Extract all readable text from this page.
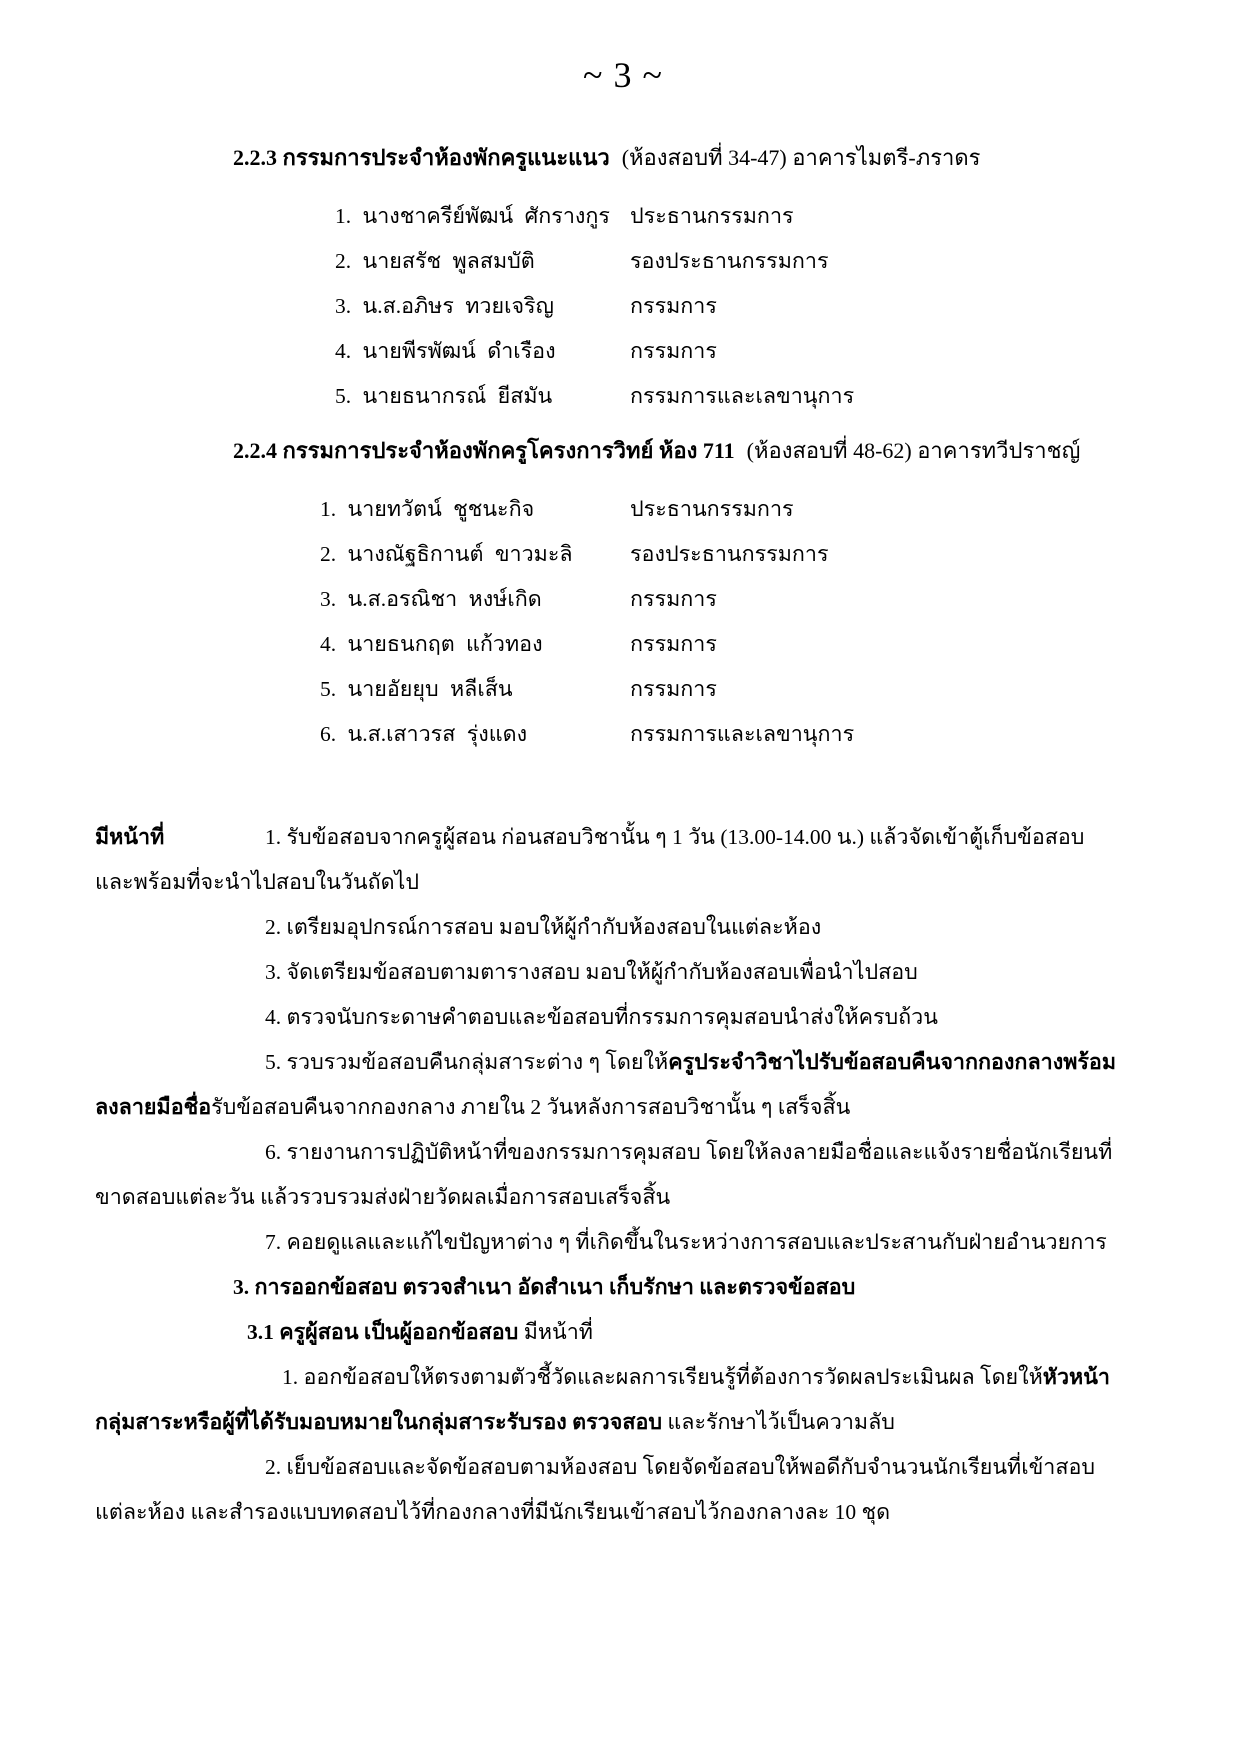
~ 3 ~

2.2.3 กรรมการประจำห้องพักครูแนะแนว (ห้องสอบที่ 34-47) อาคารไมตรี-ภราดร

1. นางชาครีย์พัฒน์ ศักรางกูร ประธานกรรมการ
2. นายสรัช พูลสมบัติ	รองประธานกรรมการ
3. น.ส.อภิษร ทวยเจริญ	กรรมการ
4. นายพีรพัฒน์ ดำเรือง	กรรมการ
5. นายธนากรณ์ ยีสมัน	กรรมการและเลขานุการ

2.2.4 กรรมการประจำห้องพักครูโครงการวิทย์ ห้อง 711 (ห้องสอบที่ 48-62) อาคารทวีปราชญ์

1. นายทวัตน์ ชูชนะกิจ	ประธานกรรมการ
2. นางณัฐธิกานต์ ขาวมะลิ	รองประธานกรรมการ
3. น.ส.อรณิชา หงษ์เกิด	กรรมการ
4. นายธนกฤต แก้วทอง	กรรมการ
5. นายอัยยุบ หลีเส็น	กรรมการ
6. น.ส.เสาวรส รุ่งแดง	กรรมการและเลขานุการ

มีหน้าที่	1. รับข้อสอบจากครูผู้สอน ก่อนสอบวิชานั้น ๆ 1 วัน (13.00-14.00 น.) แล้วจัดเข้าตู้เก็บข้อสอบ

และพร้อมที่จะนำไปสอบในวันถัดไป

2. เตรียมอุปกรณ์การสอบ มอบให้ผู้กำกับห้องสอบในแต่ละห้อง

3. จัดเตรียมข้อสอบตามตารางสอบ มอบให้ผู้กำกับห้องสอบเพื่อนำไปสอบ

4. ตรวจนับกระดาษคำตอบและข้อสอบที่กรรมการคุมสอบนำส่งให้ครบถ้วน

5. รวบรวมข้อสอบคืนกลุ่มสาระต่าง ๆ โดยให้ครูประจำวิชาไปรับข้อสอบคืนจากกองกลางพร้อม

ลงลายมือชื่อรับข้อสอบคืนจากกองกลาง ภายใน 2 วันหลังการสอบวิชานั้น ๆ เสร็จสิ้น

6. รายงานการปฏิบัติหน้าที่ของกรรมการคุมสอบ โดยให้ลงลายมือชื่อและแจ้งรายชื่อนักเรียนที่

ขาดสอบแต่ละวัน แล้วรวบรวมส่งฝ่ายวัดผลเมื่อการสอบเสร็จสิ้น

7. คอยดูแลและแก้ไขปัญหาต่าง ๆ ที่เกิดขึ้นในระหว่างการสอบและประสานกับฝ่ายอำนวยการ

3. การออกข้อสอบ ตรวจสำเนา อัดสำเนา เก็บรักษา และตรวจข้อสอบ

3.1 ครูผู้สอน เป็นผู้ออกข้อสอบ มีหน้าที่

1. ออกข้อสอบให้ตรงตามตัวชี้วัดและผลการเรียนรู้ที่ต้องการวัดผลประเมินผล โดยให้หัวหน้า

กลุ่มสาระหรือผู้ที่ได้รับมอบหมายในกลุ่มสาระรับรอง ตรวจสอบ และรักษาไว้เป็นความลับ

2. เย็บข้อสอบและจัดข้อสอบตามห้องสอบ โดยจัดข้อสอบให้พอดีกับจำนวนนักเรียนที่เข้าสอบ

แต่ละห้อง และสำรองแบบทดสอบไว้ที่กองกลางที่มีนักเรียนเข้าสอบไว้กองกลางละ 10 ชุด
